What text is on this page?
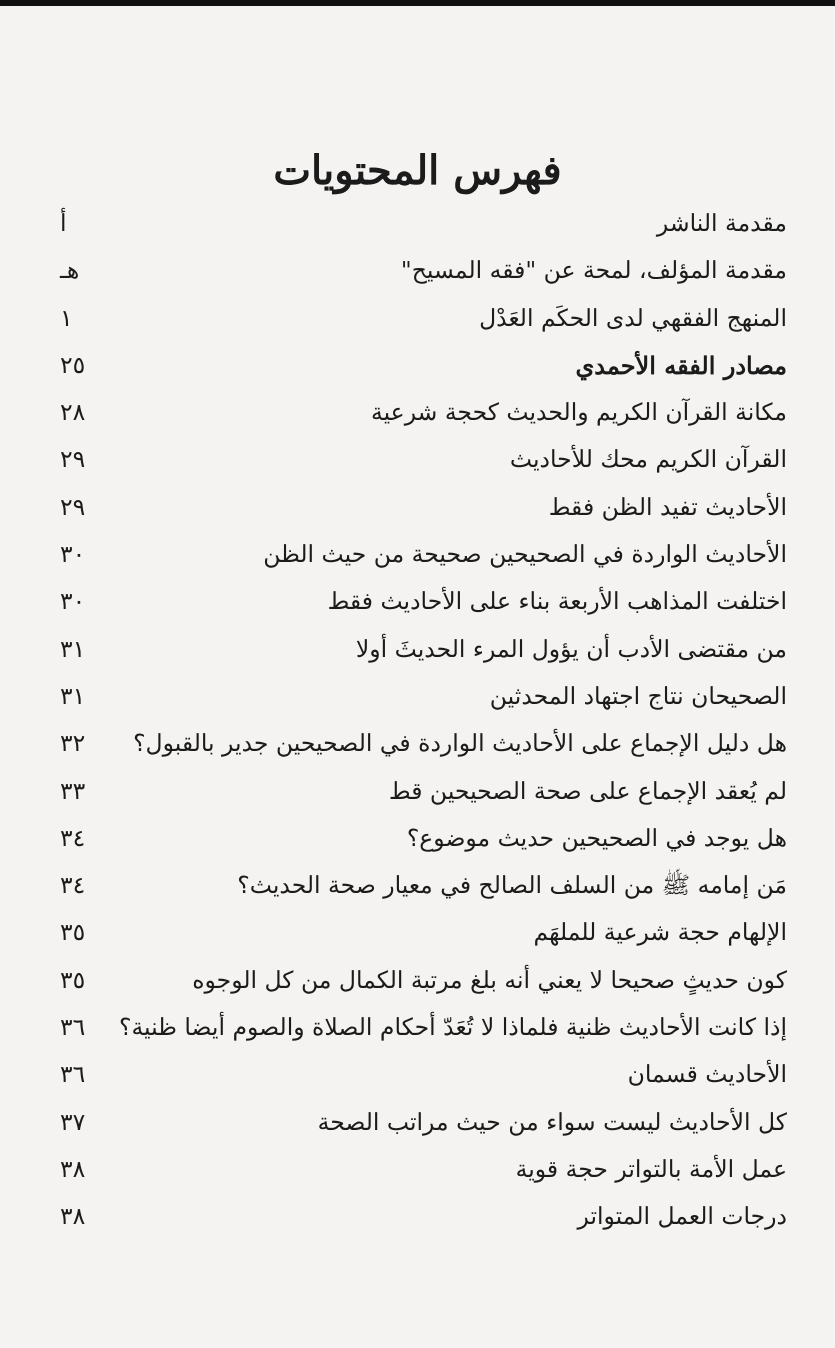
فهرس المحتويات
مقدمة الناشر
أ
مقدمة المؤلف، لمحة عن "فقه المسيح"
هـ
المنهج الفقهي لدى الحكَم العَدْل
١
مصادر الفقه الأحمدي
٢٥
مكانة القرآن الكريم والحديث كحجة شرعية
٢٨
القرآن الكريم محك للأحاديث
٢٩
الأحاديث تفيد الظن فقط
٢٩
الأحاديث الواردة في الصحيحين صحيحة من حيث الظن
٣٠
اختلفت المذاهب الأربعة بناء على الأحاديث فقط
٣٠
من مقتضى الأدب أن يؤول المرء الحديثَ أولا
٣١
الصحيحان نتاج اجتهاد المحدثين
٣١
هل دليل الإجماع على الأحاديث الواردة في الصحيحين جدير بالقبول؟
٣٢
لم يُعقد الإجماع على صحة الصحيحين قط
٣٣
هل يوجد في الصحيحين حديث موضوع؟
٣٤
مَن إمامه ﷺ من السلف الصالح في معيار صحة الحديث؟
٣٤
الإلهام حجة شرعية للملهَم
٣٥
كون حديثٍ صحيحا لا يعني أنه بلغ مرتبة الكمال من كل الوجوه
٣٥
إذا كانت الأحاديث ظنية فلماذا لا تُعَدّ أحكام الصلاة والصوم أيضا ظنية؟
٣٦
الأحاديث قسمان
٣٦
كل الأحاديث ليست سواء من حيث مراتب الصحة
٣٧
عمل الأمة بالتواتر حجة قوية
٣٨
درجات العمل المتواتر
٣٨
